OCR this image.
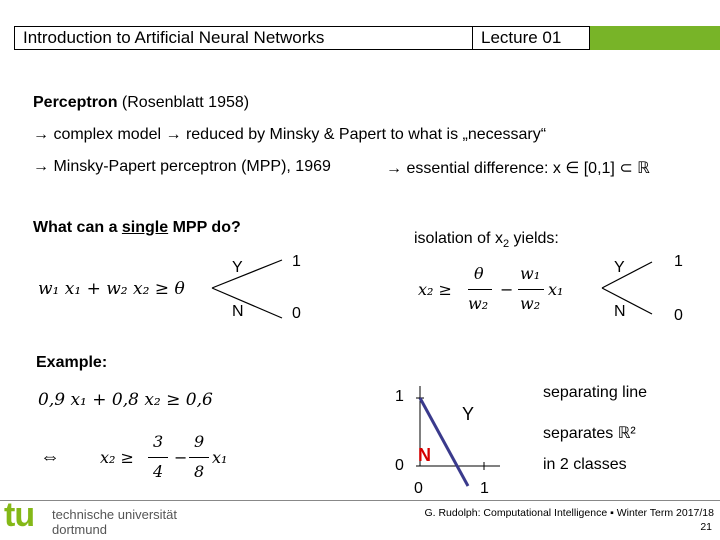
Introduction to Artificial Neural Networks	Lecture 01
Perceptron (Rosenblatt 1958)
→ complex model → reduced by Minsky & Papert to what is „necessary“
→ Minsky-Papert perceptron (MPP), 1969	→ essential difference: x ∈ [0,1] ⊂ ℝ
What can a single MPP do?
isolation of $x_2$ yields:
w₁ x₁ + w₂ x₂ ≥ θ
Y
N
1
0
x₂ ≥
θ
w₂
−
w₁
w₂
x₁
Y
N
1
0
Example:
0,9 x₁ + 0,8 x₂ ≥ 0,6
⇔	x₂ ≥
3
4
−
9
8
x₁
1
0
0	1
Y
N
separating line
separates ℝ²
in 2 classes
tu technische universität
dortmund
G. Rudolph: Computational Intelligence ▪ Winter Term 2017/18
21
